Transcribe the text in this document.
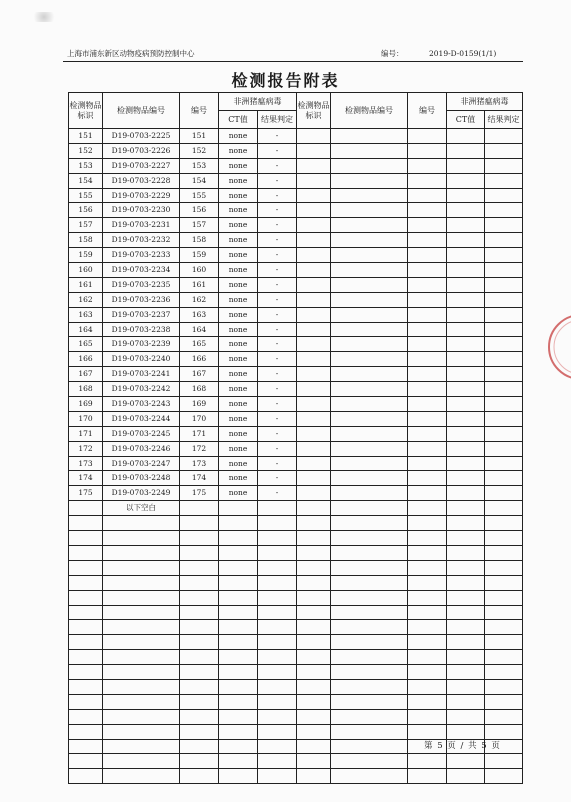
上海市浦东新区动物疫病预防控制中心	编号：	2019-D-0159(1/1)
检测报告附表
检测物品标识	检测物品编号	编号	非洲猪瘟病毒		检测物品标识	检测物品编号	编号	非洲猪瘟病毒	
			CT值	结果判定				CT值	结果判定
151	D19-0703-2225	151	none	-					
152	D19-0703-2226	152	none	-					
153	D19-0703-2227	153	none	-					
154	D19-0703-2228	154	none	-					
155	D19-0703-2229	155	none	-					
156	D19-0703-2230	156	none	-					
157	D19-0703-2231	157	none	-					
158	D19-0703-2232	158	none	-					
159	D19-0703-2233	159	none	-					
160	D19-0703-2234	160	none	-					
161	D19-0703-2235	161	none	-					
162	D19-0703-2236	162	none	-					
163	D19-0703-2237	163	none	-					
164	D19-0703-2238	164	none	-					
165	D19-0703-2239	165	none	-					
166	D19-0703-2240	166	none	-					
167	D19-0703-2241	167	none	-					
168	D19-0703-2242	168	none	-					
169	D19-0703-2243	169	none	-					
170	D19-0703-2244	170	none	-					
171	D19-0703-2245	171	none	-					
172	D19-0703-2246	172	none	-					
173	D19-0703-2247	173	none	-					
174	D19-0703-2248	174	none	-					
175	D19-0703-2249	175	none	-					
	以下空白								

第 5 页 / 共 5 页
